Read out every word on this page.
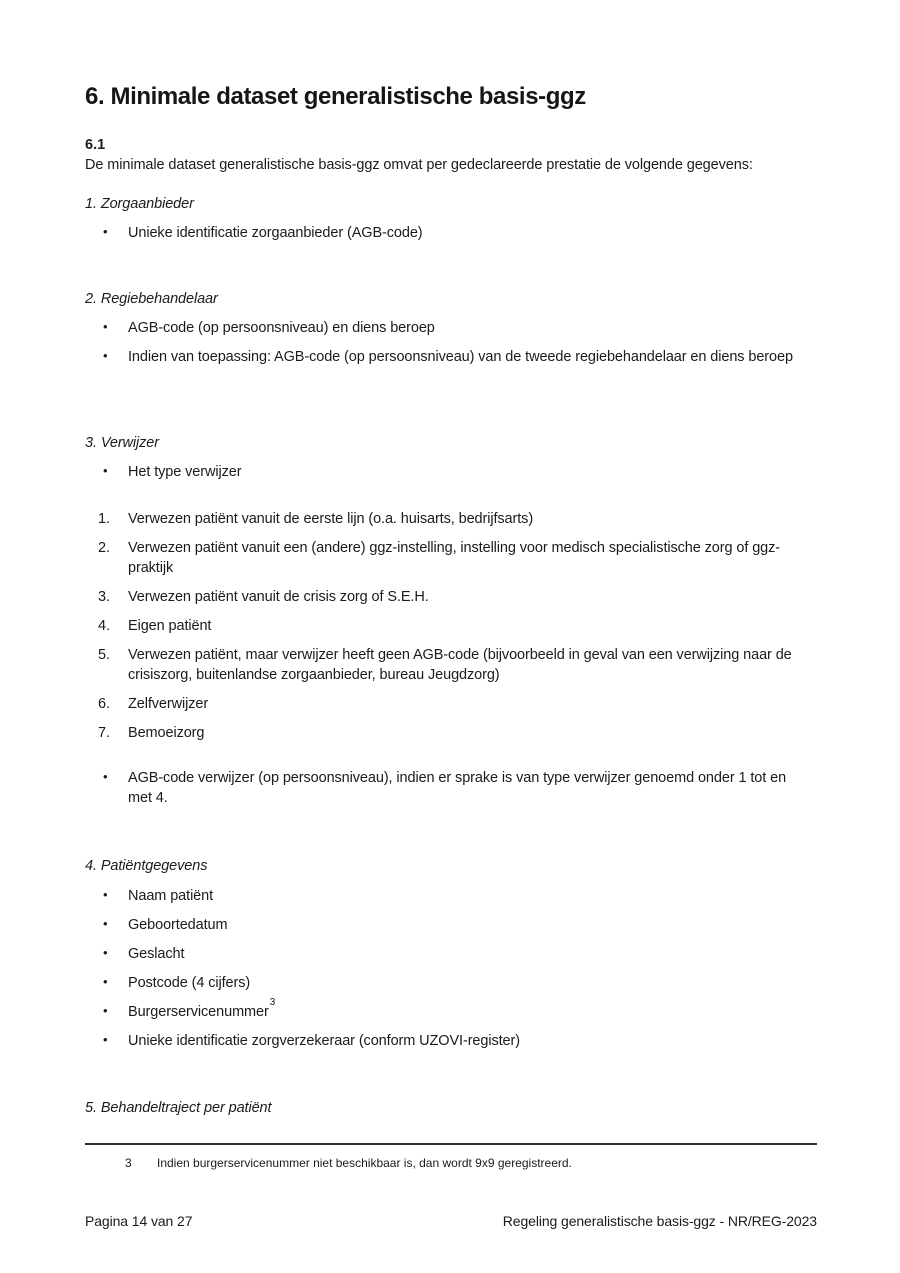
6. Minimale dataset generalistische basis-ggz
6.1

De minimale dataset generalistische basis-ggz omvat per gedeclareerde prestatie de volgende gegevens:

1. Zorgaanbieder
• Unieke identificatie zorgaanbieder (AGB-code)
2. Regiebehandelaar
• AGB-code (op persoonsniveau) en diens beroep
• Indien van toepassing: AGB-code (op persoonsniveau) van de tweede regiebehandelaar en diens beroep
3. Verwijzer
• Het type verwijzer
1. Verwezen patiënt vanuit de eerste lijn (o.a. huisarts, bedrijfsarts)
2. Verwezen patiënt vanuit een (andere) ggz-instelling, instelling voor medisch specialistische zorg of ggz-praktijk
3. Verwezen patiënt vanuit de crisis zorg of S.E.H.
4. Eigen patiënt
5. Verwezen patiënt, maar verwijzer heeft geen AGB-code (bijvoorbeeld in geval van een verwijzing naar de crisiszorg, buitenlandse zorgaanbieder, bureau Jeugdzorg)
6. Zelfverwijzer
7. Bemoeizorg
• AGB-code verwijzer (op persoonsniveau), indien er sprake is van type verwijzer genoemd onder 1 tot en met 4.
4. Patiëntgegevens
• Naam patiënt
• Geboortedatum
• Geslacht
• Postcode (4 cijfers)
• Burgerservicenummer$^3$
• Unieke identificatie zorgverzekeraar (conform UZOVI-register)
5. Behandeltraject per patiënt
3 Indien burgerservicenummer niet beschikbaar is, dan wordt 9x9 geregistreerd.
Pagina 14 van 27	Regeling generalistische basis-ggz - NR/REG-2023
